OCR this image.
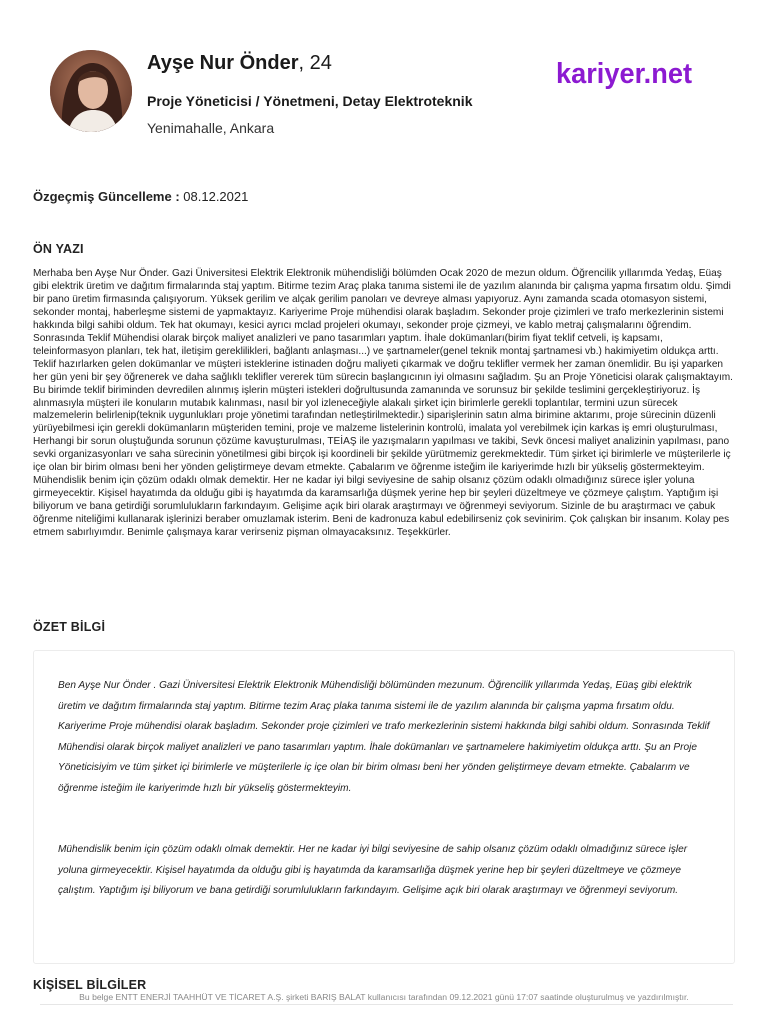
Ayşe Nur Önder, 24
Proje Yöneticisi / Yönetmeni, Detay Elektroteknik
Yenimahalle, Ankara
kariyer.net
Özgeçmiş Güncelleme : 08.12.2021
ÖN YAZI

Merhaba ben Ayşe Nur Önder. Gazi Üniversitesi Elektrik Elektronik mühendisliği bölümden Ocak 2020 de mezun oldum. Öğrencilik yıllarımda Yedaş, Eüaş gibi elektrik üretim ve dağıtım firmalarında staj yaptım. Bitirme tezim Araç plaka tanıma sistemi ile de yazılım alanında bir çalışma yapma fırsatım oldu. Şimdi bir pano üretim firmasında çalışıyorum. Yüksek gerilim ve alçak gerilim panoları ve devreye alması yapıyoruz. Aynı zamanda scada otomasyon sistemi, sekonder montaj, haberleşme sistemi de yapmaktayız. Kariyerime Proje mühendisi olarak başladım. Sekonder proje çizimleri ve trafo merkezlerinin sistemi hakkında bilgi sahibi oldum. Tek hat okumayı, kesici ayrıcı mclad projeleri okumayı, sekonder proje çizmeyi, ve kablo metraj çalışmalarını öğrendim. Sonrasında Teklif Mühendisi olarak birçok maliyet analizleri ve pano tasarımları yaptım. İhale dokümanları(birim fiyat teklif cetveli, iş kapsamı, teleinformasyon planları, tek hat, iletişim gereklilikleri, bağlantı anlaşması...) ve şartnameler(genel teknik montaj şartnamesi vb.) hakimiyetim oldukça arttı. Teklif hazırlarken gelen dokümanlar ve müşteri isteklerine istinaden doğru maliyeti çıkarmak ve doğru teklifler vermek her zaman önemlidir. Bu işi yaparken her gün yeni bir şey öğrenerek ve daha sağlıklı teklifler vererek tüm sürecin başlangıcının iyi olmasını sağladım. Şu an Proje Yöneticisi olarak çalışmaktayım. Bu birimde teklif biriminden devredilen alınmış işlerin müşteri istekleri doğrultusunda zamanında ve sorunsuz bir şekilde teslimini gerçekleştiriyoruz. İş alınmasıyla müşteri ile konuların mutabık kalınması, nasıl bir yol izleneceğiyle alakalı şirket için birimlerle gerekli toplantılar, termini uzun sürecek malzemelerin belirlenip(teknik uygunlukları proje yönetimi tarafından netleştirilmektedir.) siparişlerinin satın alma birimine aktarımı, proje sürecinin düzenli yürüyebilmesi için gerekli dokümanların müşteriden temini, proje ve malzeme listelerinin kontrolü, imalata yol verebilmek için karkas iş emri oluşturulması, Herhangi bir sorun oluştuğunda sorunun çözüme kavuşturulması, TEİAŞ ile yazışmaların yapılması ve takibi, Sevk öncesi maliyet analizinin yapılması, pano sevki organizasyonları ve saha sürecinin yönetilmesi gibi birçok işi koordineli bir şekilde yürütmemiz gerekmektedir. Tüm şirket içi birimlerle ve müşterilerle iç içe olan bir birim olması beni her yönden geliştirmeye devam etmekte. Çabalarım ve öğrenme isteğim ile kariyerimde hızlı bir yükseliş göstermekteyim. Mühendislik benim için çözüm odaklı olmak demektir. Her ne kadar iyi bilgi seviyesine de sahip olsanız çözüm odaklı olmadığınız sürece işler yoluna girmeyecektir. Kişisel hayatımda da olduğu gibi iş hayatımda da karamsarlığa düşmek yerine hep bir şeyleri düzeltmeye ve çözmeye çalıştım. Yaptığım işi biliyorum ve bana getirdiği sorumlulukların farkındayım. Gelişime açık biri olarak araştırmayı ve öğrenmeyi seviyorum. Sizinle de bu araştırmacı ve çabuk öğrenme niteliğimi kullanarak işlerinizi beraber omuzlamak isterim. Beni de kadronuza kabul edebilirseniz çok sevinirim. Çok çalışkan bir insanım. Kolay pes etmem sabırlıyımdır. Benimle çalışmaya karar verirseniz pişman olmayacaksınız. Teşekkürler.

ÖZET BİLGİ

Ben Ayşe Nur Önder . Gazi Üniversitesi Elektrik Elektronik Mühendisliği bölümünden mezunum. Öğrencilik yıllarımda Yedaş, Eüaş gibi elektrik üretim ve dağıtım firmalarında staj yaptım. Bitirme tezim Araç plaka tanıma sistemi ile de yazılım alanında bir çalışma yapma fırsatım oldu. Kariyerime Proje mühendisi olarak başladım. Sekonder proje çizimleri ve trafo merkezlerinin sistemi hakkında bilgi sahibi oldum. Sonrasında Teklif Mühendisi olarak birçok maliyet analizleri ve pano tasarımları yaptım. İhale dokümanları ve şartnamelere hakimiyetim oldukça arttı. Şu an Proje Yöneticisiyim ve tüm şirket içi birimlerle ve müşterilerle iç içe olan bir birim olması beni her yönden geliştirmeye devam etmekte. Çabalarım ve öğrenme isteğim ile kariyerimde hızlı bir yükseliş göstermekteyim.

Mühendislik benim için çözüm odaklı olmak demektir. Her ne kadar iyi bilgi seviyesine de sahip olsanız çözüm odaklı olmadığınız sürece işler yoluna girmeyecektir. Kişisel hayatımda da olduğu gibi iş hayatımda da karamsarlığa düşmek yerine hep bir şeyleri düzeltmeye ve çözmeye çalıştım. Yaptığım işi biliyorum ve bana getirdiği sorumlulukların farkındayım. Gelişime açık biri olarak araştırmayı ve öğrenmeyi seviyorum.

KİŞİSEL BİLGİLER
Bu belge ENTT ENERJİ TAAHHÜT VE TİCARET A.Ş. şirketi BARIŞ BALAT kullanıcısı tarafından 09.12.2021 günü 17:07 saatinde oluşturulmuş ve yazdırılmıştır.
